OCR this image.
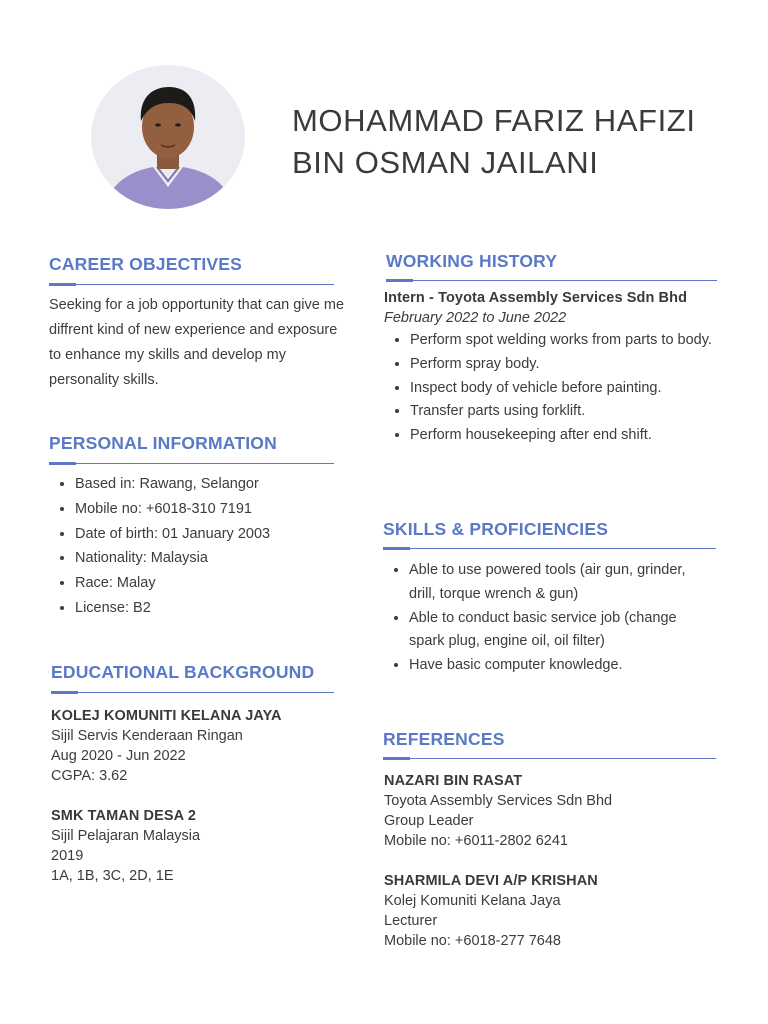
MOHAMMAD FARIZ HAFIZI
BIN OSMAN JAILANI
CAREER OBJECTIVES
Seeking for a job opportunity that can give me diffrent kind of new experience and exposure to enhance my skills and develop my personality skills.
PERSONAL INFORMATION
• Based in: Rawang, Selangor
• Mobile no: +6018-310 7191
• Date of birth: 01 January 2003
• Nationality: Malaysia
• Race: Malay
• License: B2
EDUCATIONAL BACKGROUND
KOLEJ KOMUNITI KELANA JAYA
Sijil Servis Kenderaan Ringan
Aug 2020 - Jun 2022
CGPA: 3.62
SMK TAMAN DESA 2
Sijil Pelajaran Malaysia
2019
1A, 1B, 3C, 2D, 1E
WORKING HISTORY
Intern - Toyota Assembly Services Sdn Bhd
February 2022 to June 2022
• Perform spot welding works from parts to body.
• Perform spray body.
• Inspect body of vehicle before painting.
• Transfer parts using forklift.
• Perform housekeeping after end shift.
SKILLS & PROFICIENCIES
• Able to use powered tools (air gun, grinder, drill, torque wrench & gun)
• Able to conduct basic service job (change spark plug, engine oil, oil filter)
• Have basic computer knowledge.
REFERENCES
NAZARI BIN RASAT
Toyota Assembly Services Sdn Bhd
Group Leader
Mobile no: +6011-2802 6241
SHARMILA DEVI A/P KRISHAN
Kolej Komuniti Kelana Jaya
Lecturer
Mobile no: +6018-277 7648
